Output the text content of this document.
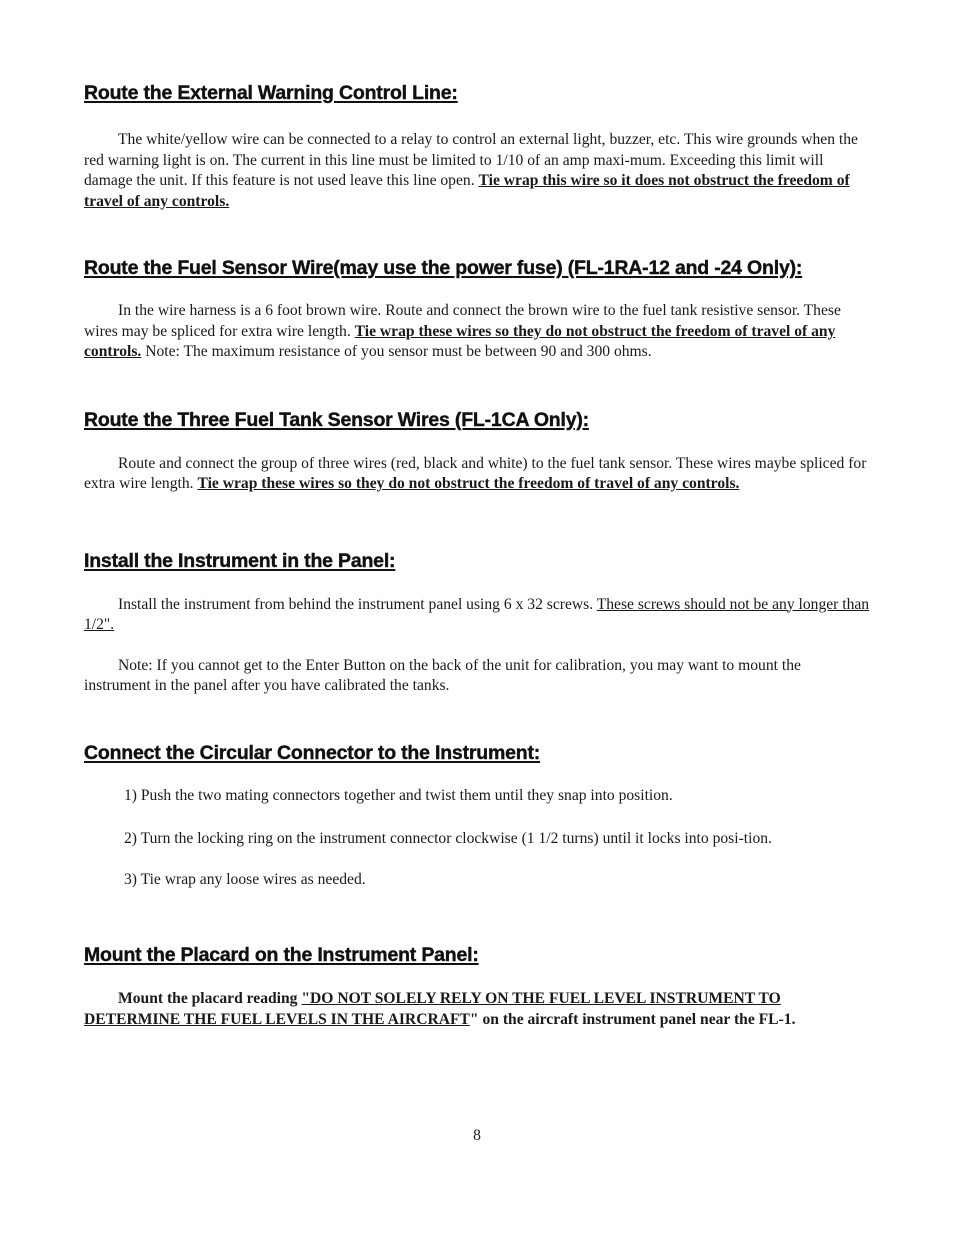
Route the External Warning Control Line:

The white/yellow wire can be connected to a relay to control an external light, buzzer, etc. This wire grounds when the red warning light is on. The current in this line must be limited to 1/10 of an amp maxi-mum. Exceeding this limit will damage the unit. If this feature is not used leave this line open. Tie wrap this wire so it does not obstruct the freedom of travel of any controls.

Route the Fuel Sensor Wire(may use the power fuse) (FL-1RA-12 and -24 Only):

In the wire harness is a 6 foot brown wire. Route and connect the brown wire to the fuel tank resistive sensor. These wires may be spliced for extra wire length. Tie wrap these wires so they do not obstruct the freedom of travel of any controls. Note: The maximum resistance of you sensor must be between 90 and 300 ohms.

Route the Three Fuel Tank Sensor Wires (FL-1CA Only):

Route and connect the group of three wires (red, black and white) to the fuel tank sensor. These wires maybe spliced for extra wire length. Tie wrap these wires so they do not obstruct the freedom of travel of any controls.

Install the Instrument in the Panel:

Install the instrument from behind the instrument panel using 6 x 32 screws. These screws should not be any longer than 1/2".

Note: If you cannot get to the Enter Button on the back of the unit for calibration, you may want to mount the instrument in the panel after you have calibrated the tanks.

Connect the Circular Connector to the Instrument:

1) Push the two mating connectors together and twist them until they snap into position.

2) Turn the locking ring on the instrument connector clockwise (1 1/2 turns) until it locks into posi-tion.

3) Tie wrap any loose wires as needed.

Mount the Placard on the Instrument Panel:

Mount the placard reading "DO NOT SOLELY RELY ON THE FUEL LEVEL INSTRUMENT TO DETERMINE THE FUEL LEVELS IN THE AIRCRAFT" on the aircraft instrument panel near the FL-1.

8
